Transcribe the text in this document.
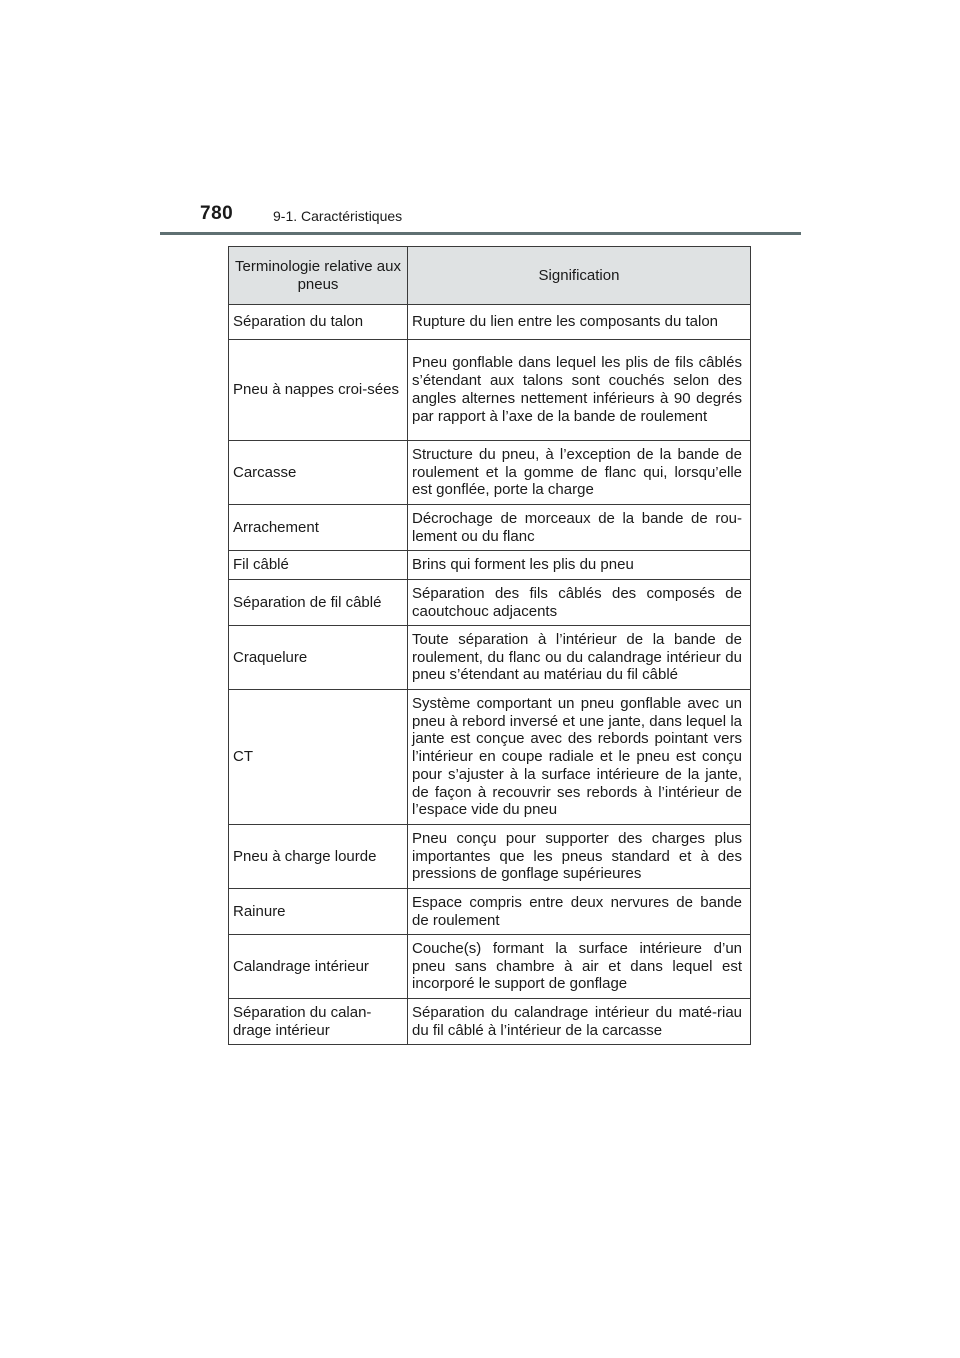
780	9-1. Caractéristiques
Terminologie relative aux pneus	Signification
Séparation du talon	Rupture du lien entre les composants du talon
Pneu à nappes croi-sées	Pneu gonflable dans lequel les plis de fils câblés s’étendant aux talons sont couchés selon des angles alternes nettement inférieurs à 90 degrés par rapport à l’axe de la bande de roulement
Carcasse	Structure du pneu, à l’exception de la bande de roulement et la gomme de flanc qui, lorsqu’elle est gonflée, porte la charge
Arrachement	Décrochage de morceaux de la bande de rou-lement ou du flanc
Fil câblé	Brins qui forment les plis du pneu
Séparation de fil câblé	Séparation des fils câblés des composés de caoutchouc adjacents
Craquelure	Toute séparation à l’intérieur de la bande de roulement, du flanc ou du calandrage intérieur du pneu s’étendant au matériau du fil câblé
CT	Système comportant un pneu gonflable avec un pneu à rebord inversé et une jante, dans lequel la jante est conçue avec des rebords pointant vers l’intérieur en coupe radiale et le pneu est conçu pour s’ajuster à la surface intérieure de la jante, de façon à recouvrir ses rebords à l’intérieur de l’espace vide du pneu
Pneu à charge lourde	Pneu conçu pour supporter des charges plus importantes que les pneus standard et à des pressions de gonflage supérieures
Rainure	Espace compris entre deux nervures de bande de roulement
Calandrage intérieur	Couche(s) formant la surface intérieure d’un pneu sans chambre à air et dans lequel est incorporé le support de gonflage
Séparation du calan-drage intérieur	Séparation du calandrage intérieur du maté-riau du fil câblé à l’intérieur de la carcasse
